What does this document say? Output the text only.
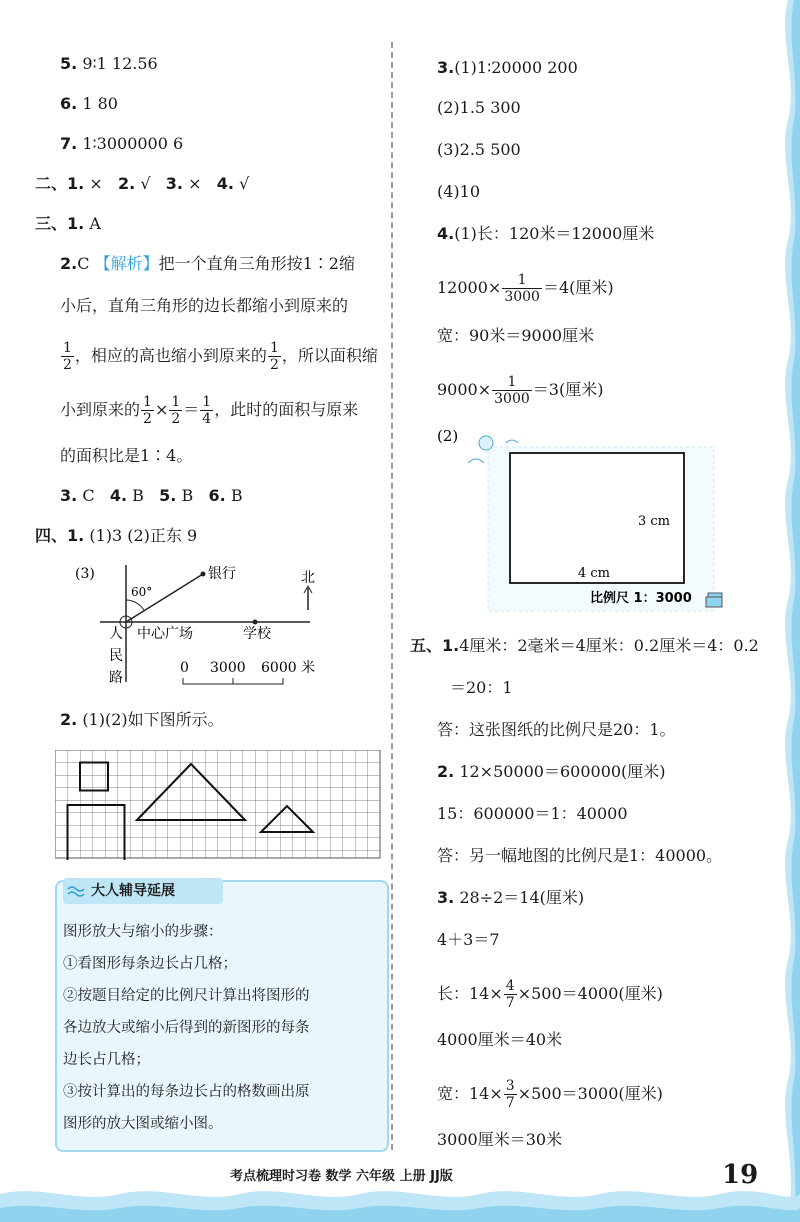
5. 9∶1 12.56
6. 1 80
7. 1∶3000000 6
二、1. × 2. √ 3. × 4. √
三、1. A
2.C 【解析】把一个直角三角形按1∶2缩
小后，直角三角形的边长都缩小到原来的
$\frac{1}{2}$ ，相应的高也缩小到原来的 $\frac{1}{2}$ ，所以面积缩
小到原来的 $\frac{1}{2} \times \frac{1}{2} = \frac{1}{4}$ ，此时的面积与原来
的面积比是1∶4。
3. C 4. B 5. B 6. B
四、1. (1)3 (2)正东 9
(3)
60°
银行
中心广场	学校
人
民
路
北
0 3000 6000 米
2. (1)(2)如下图所示。
大人辅导延展
图形放大与缩小的步骤：
①看图形每条边长占几格；
②按题目给定的比例尺计算出将图形的
各边放大或缩小后得到的新图形的每条
边长占几格；
③按计算出的每条边长占的格数画出原
图形的放大图或缩小图。
3.(1)1∶20000 200
(2)1.5 300
(3)2.5 500
(4)10
4.(1)长：120米＝12000厘米
$12000\times \frac{1}{3000} =4$(厘米)
宽：90米＝9000厘米
$9000\times \frac{1}{3000} =3$(厘米)
(2)
3 cm
4 cm
比例尺 1：3000
五、1.4厘米：2毫米＝4厘米：0.2厘米＝4：0.2
＝20：1
答：这张图纸的比例尺是20：1。
2. 12×50000＝600000(厘米)
15：600000＝1：40000
答：另一幅地图的比例尺是1：40000。
3. 28÷2＝14(厘米)
4＋3＝7
长：$14\times \frac{4}{7} \times 500=4000$(厘米)
4000厘米＝40米
宽：$14\times \frac{3}{7} \times 500=3000$(厘米)
3000厘米＝30米
考点梳理时习卷 数学 六年级 上册 JJ版	19
